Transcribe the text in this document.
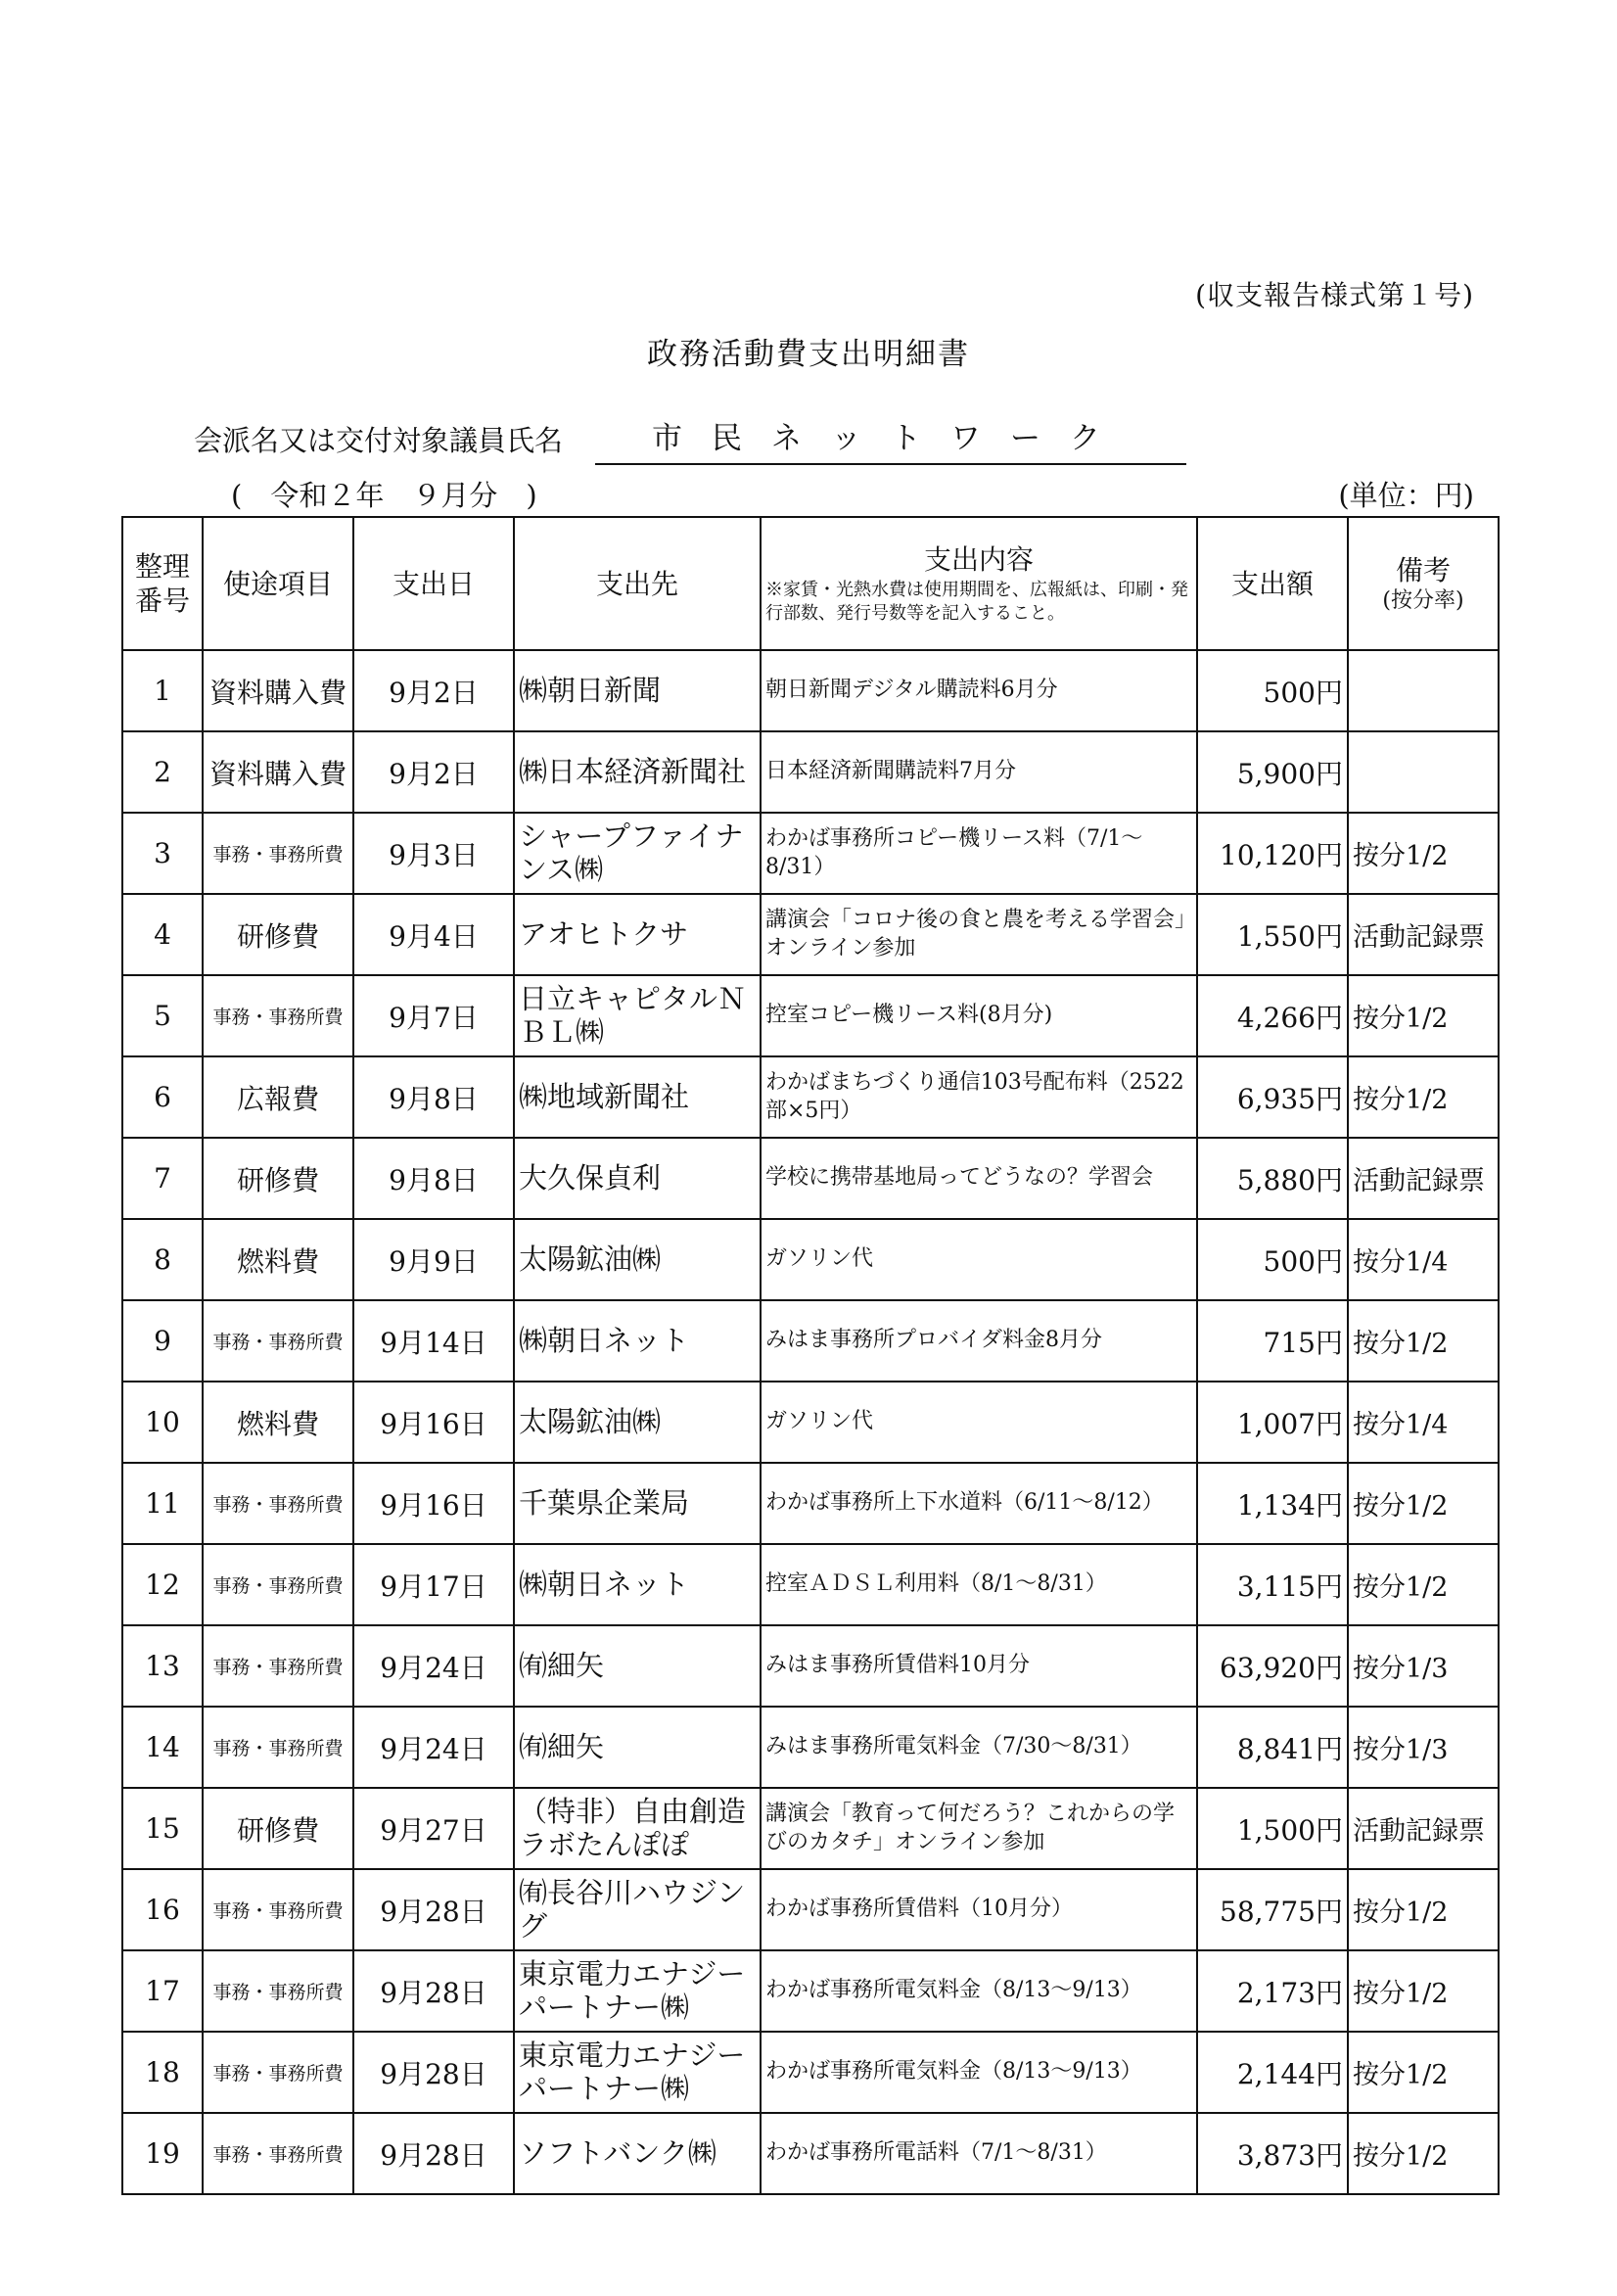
(収支報告様式第１号)
政務活動費支出明細書
会派名又は交付対象議員氏名	市民ネットワーク
(　令和２年　９月分　)	(単位：円)
整理番号	使途項目	支出日	支出先	支出内容
※家賃・光熱水費は使用期間を、広報紙は、印刷・発行部数、発行号数等を記入すること。	支出額	備考
(按分率)

1	資料購入費	9月2日	㈱朝日新聞	朝日新聞デジタル購読料6月分	500円	
2	資料購入費	9月2日	㈱日本経済新聞社	日本経済新聞購読料7月分	5,900円	
3	事務・事務所費	9月3日	シャープファイナンス㈱	わかば事務所コピー機リース料（7/1～8/31）	10,120円	按分1/2
4	研修費	9月4日	アオヒトクサ	講演会「コロナ後の食と農を考える学習会」オンライン参加	1,550円	活動記録票
5	事務・事務所費	9月7日	日立キャピタルＮＢＬ㈱	控室コピー機リース料(8月分)	4,266円	按分1/2
6	広報費	9月8日	㈱地域新聞社	わかばまちづくり通信103号配布料（2522部×5円）	6,935円	按分1/2
7	研修費	9月8日	大久保貞利	学校に携帯基地局ってどうなの？学習会	5,880円	活動記録票
8	燃料費	9月9日	太陽鉱油㈱	ガソリン代	500円	按分1/4
9	事務・事務所費	9月14日	㈱朝日ネット	みはま事務所プロバイダ料金8月分	715円	按分1/2
10	燃料費	9月16日	太陽鉱油㈱	ガソリン代	1,007円	按分1/4
11	事務・事務所費	9月16日	千葉県企業局	わかば事務所上下水道料（6/11～8/12）	1,134円	按分1/2
12	事務・事務所費	9月17日	㈱朝日ネット	控室ＡＤＳＬ利用料（8/1～8/31）	3,115円	按分1/2
13	事務・事務所費	9月24日	㈲細矢	みはま事務所賃借料10月分	63,920円	按分1/3
14	事務・事務所費	9月24日	㈲細矢	みはま事務所電気料金（7/30～8/31）	8,841円	按分1/3
15	研修費	9月27日	（特非）自由創造ラボたんぽぽ	講演会「教育って何だろう？これからの学びのカタチ」オンライン参加	1,500円	活動記録票
16	事務・事務所費	9月28日	㈲長谷川ハウジング	わかば事務所賃借料（10月分）	58,775円	按分1/2
17	事務・事務所費	9月28日	東京電力エナジーパートナー㈱	わかば事務所電気料金（8/13～9/13）	2,173円	按分1/2
18	事務・事務所費	9月28日	東京電力エナジーパートナー㈱	わかば事務所電気料金（8/13～9/13）	2,144円	按分1/2
19	事務・事務所費	9月28日	ソフトバンク㈱	わかば事務所電話料（7/1～8/31）	3,873円	按分1/2
